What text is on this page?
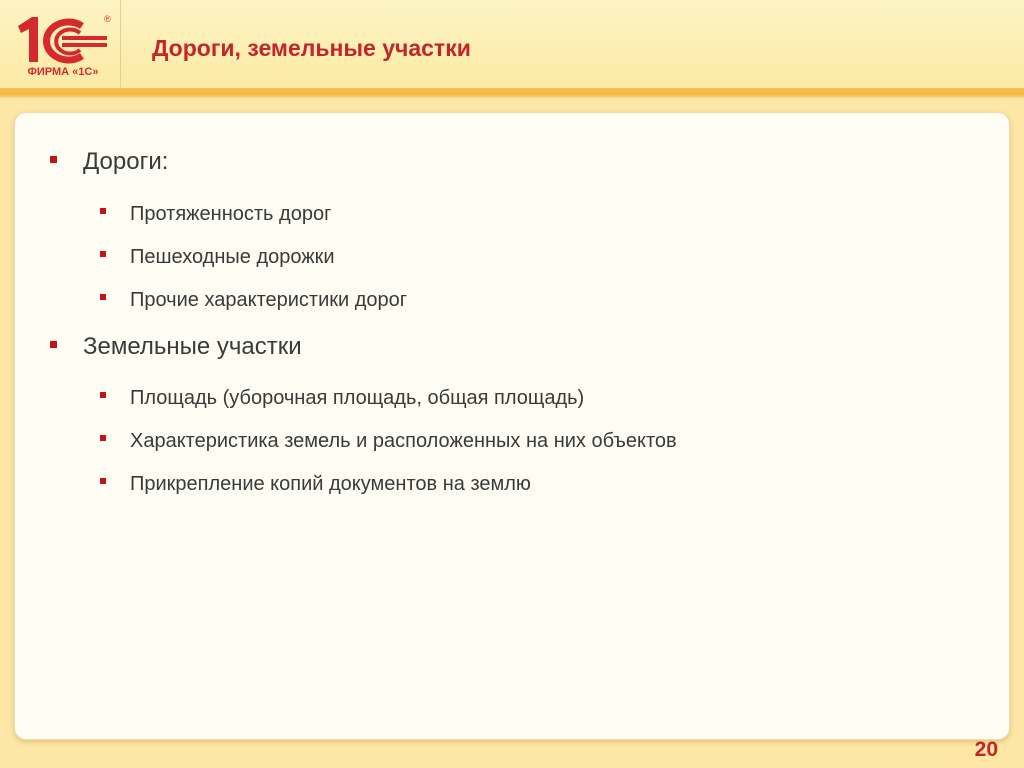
®
ФИРМА «1С»
Дороги, земельные участки
Дороги:
Протяженность дорог
Пешеходные дорожки
Прочие характеристики дорог
Земельные участки
Площадь (уборочная площадь, общая площадь)
Характеристика земель и расположенных на них объектов
Прикрепление копий документов на землю
20
